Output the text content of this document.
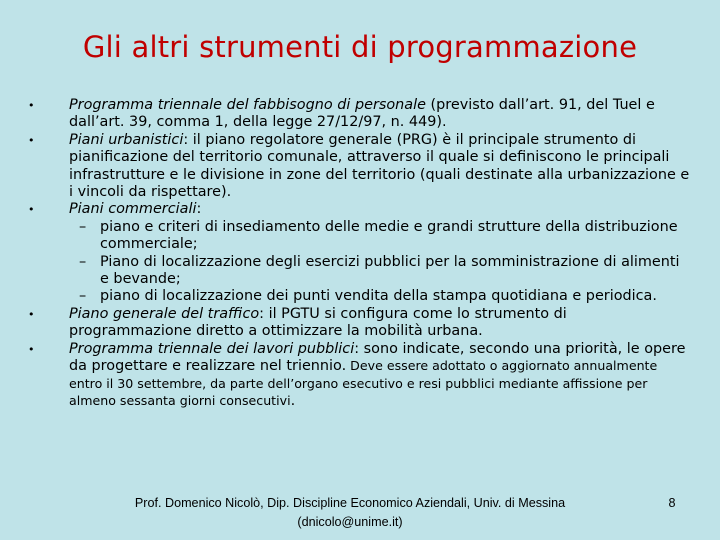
Gli altri strumenti di programmazione
•	Programma triennale del fabbisogno di personale (previsto dall’art. 91, del Tuel e dall’art. 39, comma 1, della legge 27/12/97, n. 449).
•	Piani urbanistici: il piano regolatore generale (PRG) è il principale strumento di pianificazione del territorio comunale, attraverso il quale si definiscono le principali infrastrutture e le divisione in zone del territorio (quali destinate alla urbanizzazione e i vincoli da rispettare).
•	Piani commerciali:
– piano e criteri di insediamento delle medie e grandi strutture della distribuzione commerciale;
– Piano di localizzazione degli esercizi pubblici per la somministrazione di alimenti e bevande;
– piano di localizzazione dei punti vendita della stampa quotidiana e periodica.
•	Piano generale del traffico: il PGTU si configura come lo strumento di programmazione diretto a ottimizzare la mobilità urbana.
•	Programma triennale dei lavori pubblici: sono indicate, secondo una priorità, le opere da progettare e realizzare nel triennio. Deve essere adottato o aggiornato annualmente entro il 30 settembre, da parte dell’organo esecutivo e resi pubblici mediante affissione per almeno sessanta giorni consecutivi.
Prof. Domenico Nicolò, Dip. Discipline Economico Aziendali, Univ. di Messina
(dnicolo@unime.it)
8
